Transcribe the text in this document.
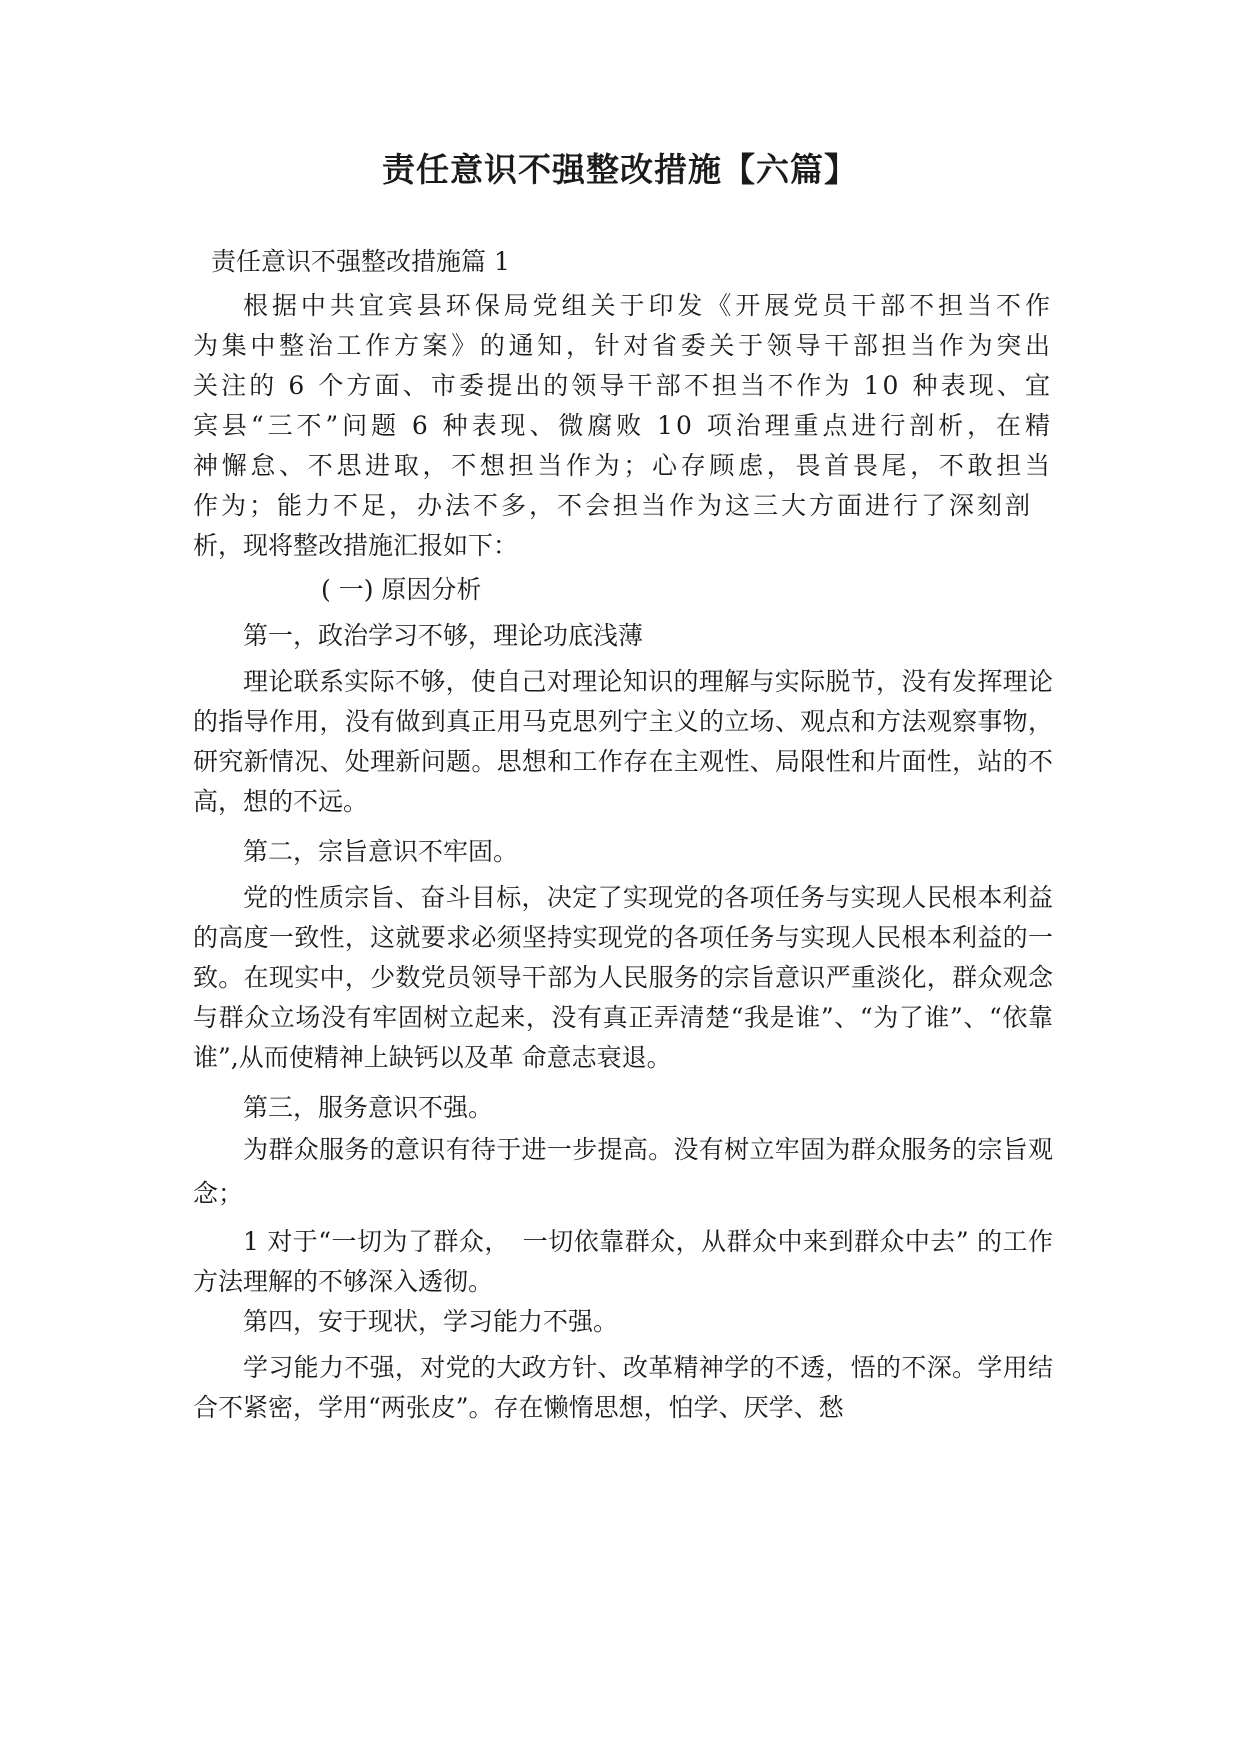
责任意识不强整改措施【六篇】

责任意识不强整改措施篇 1

根据中共宜宾县环保局党组关于印发《开展党员干部不担当不作为集中整治工作方案》的通知，针对省委关于领导干部担当作为突出关注的 6 个方面、市委提出的领导干部不担当不作为 10 种表现、宜 宾县“三不”问题 6 种表现、微腐败 10 项治理重点进行剖析，在精 神懈怠、不思进取，不想担当作为；心存顾虑，畏首畏尾，不敢担当 作为；能力不足，办法不多，不会担当作为这三大方面进行了深刻剖

析，现将整改措施汇报如下：

( 一) 原因分析

第一，政治学习不够，理论功底浅薄

理论联系实际不够，使自己对理论知识的理解与实际脱节，没有发挥理论的指导作用，没有做到真正用马克思列宁主义的立场、观点和方法观察事物，研究新情况、处理新问题。思想和工作存在主观性、局限性和片面性，站的不高，想的不远。

第二，宗旨意识不牢固。

党的性质宗旨、奋斗目标，决定了实现党的各项任务与实现人民根本利益的高度一致性，这就要求必须坚持实现党的各项任务与实现人民根本利益的一致。在现实中，少数党员领导干部为人民服务的宗旨意识严重淡化，群众观念与群众立场没有牢固树立起来，没有真正弄清楚“我是谁”、“为了谁”、“依靠谁”,从而使精神上缺钙以及革 命意志衰退。

第三，服务意识不强。

为群众服务的意识有待于进一步提高。没有树立牢固为群众服务的宗旨观念；

1 对于“一切为了群众，　一切依靠群众，从群众中来到群众中去” 的工作方法理解的不够深入透彻。

第四，安于现状，学习能力不强。

学习能力不强，对党的大政方针、改革精神学的不透，悟的不深。学用结合不紧密，学用“两张皮”。存在懒惰思想，怕学、厌学、愁
